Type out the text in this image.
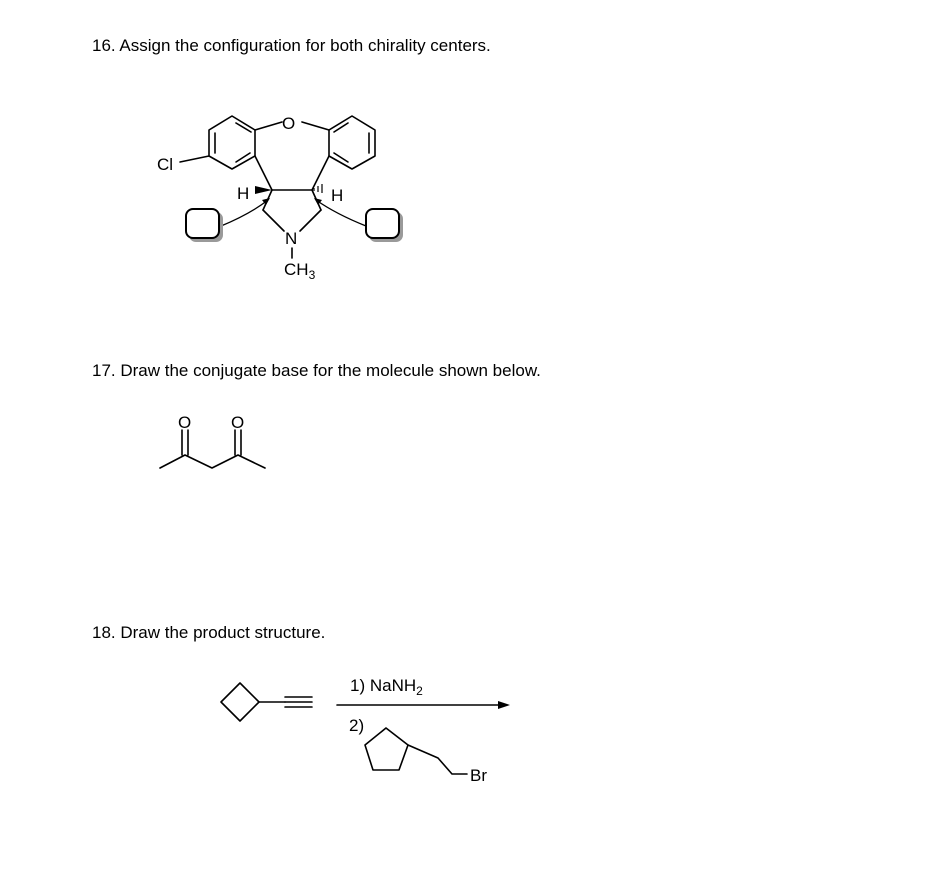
16. Assign the configuration for both chirality centers.
17. Draw the conjugate base for the molecule shown below.
18. Draw the product structure.
Cl
O
N
$CH_3$
H	H
O O
1) NaNH$_2$
2)
Br
